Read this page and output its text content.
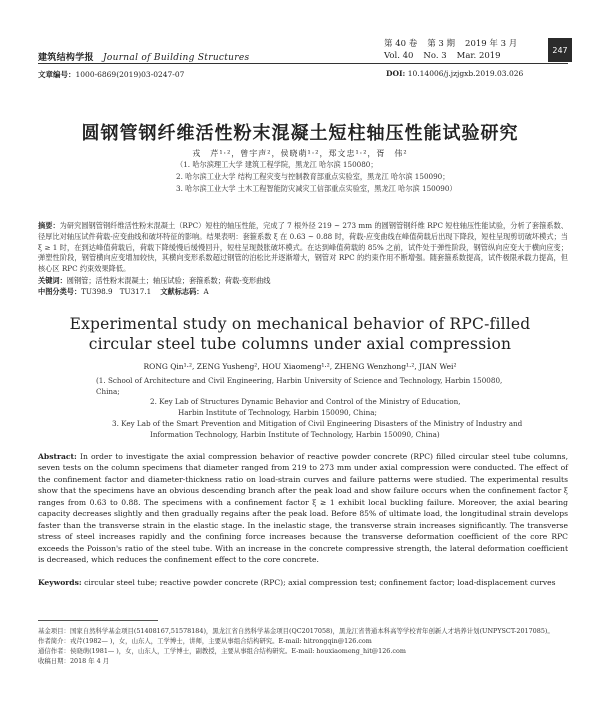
建筑结构学报 Journal of Building Structures
第 40 卷 第 3 期 2019 年 3 月
Vol. 40 No. 3 Mar. 2019
247
文章编号：1000-6869(2019)03-0247-07	DOI: 10.14006/j.jzjgxb.2019.03.026
圆钢管钢纤维活性粉末混凝土短柱轴压性能试验研究
戎　芹¹·²，曾宇声²，侯晓萌¹·²，郑文忠¹·²，胥　伟²
（1. 哈尔滨理工大学 建筑工程学院，黑龙江 哈尔滨 150080；
2. 哈尔滨工业大学 结构工程灾变与控制教育部重点实验室，黑龙江 哈尔滨 150090；
3. 哈尔滨工业大学 土木工程智能防灾减灾工信部重点实验室，黑龙江 哈尔滨 150090）
摘要：为研究圆钢管钢纤维活性粉末混凝土（RPC）短柱的轴压性能，完成了 7 根外径 219 ~ 273 mm 的圆钢管钢纤维 RPC 短柱轴压性能试验，分析了套箍系数、径厚比对轴压试件荷载-应变曲线和破坏特征的影响。结果表明：套箍系数 ξ 在 0.63 ~ 0.88 时，荷载-应变曲线在峰值荷载后出现下降段，短柱呈现剪切破坏模式；当 ξ ≥ 1 时，在到达峰值荷载后，荷载下降缓慢后缓慢回升，短柱呈现鼓胀破坏模式。在达到峰值荷载的 85% 之前，试件处于弹性阶段，钢管纵向应变大于横向应变；弹塑性阶段，钢管横向应变增加较快，其横向变形系数超过钢管的泊松比并逐渐增大，钢管对 RPC 的约束作用不断增强。随套箍系数提高，试件极限承载力提高，但核心区 RPC 约束效果降低。
关键词：圆钢管；活性粉末混凝土；轴压试验；套箍系数；荷载-变形曲线
中图分类号：TU398.9　TU317.1 文献标志码：A
Experimental study on mechanical behavior of RPC-filled
circular steel tube columns under axial compression
RONG Qin¹·², ZENG Yusheng², HOU Xiaomeng¹·², ZHENG Wenzhong¹·², JIAN Wei²
(1. School of Architecture and Civil Engineering, Harbin University of Science and Technology, Harbin 150080, China;
2. Key Lab of Structures Dynamic Behavior and Control of the Ministry of Education,
Harbin Institute of Technology, Harbin 150090, China;
3. Key Lab of the Smart Prevention and Mitigation of Civil Engineering Disasters of the Ministry of Industry and
Information Technology, Harbin Institute of Technology, Harbin 150090, China)
Abstract: In order to investigate the axial compression behavior of reactive powder concrete (RPC) filled circular steel tube columns, seven tests on the column specimens that diameter ranged from 219 to 273 mm under axial compression were conducted. The effect of the confinement factor and diameter-thickness ratio on load-strain curves and failure patterns were studied. The experimental results show that the specimens have an obvious descending branch after the peak load and show failure occurs when the confinement factor ξ ranges from 0.63 to 0.88. The specimens with a confinement factor ξ ≥ 1 exhibit local buckling failure. Moreover, the axial bearing capacity decreases slightly and then gradually regains after the peak load. Before 85% of ultimate load, the longitudinal strain develops faster than the transverse strain in the elastic stage. In the inelastic stage, the transverse strain increases significantly. The transverse stress of steel increases rapidly and the confining force increases because the transverse deformation coefficient of the core RPC exceeds the Poisson's ratio of the steel tube. With an increase in the concrete compressive strength, the lateral deformation coefficient is decreased, which reduces the confinement effect to the core concrete.
Keywords: circular steel tube; reactive powder concrete (RPC); axial compression test; confinement factor; load-displacement curves
基金项目：国家自然科学基金项目(51408167,51578184)，黑龙江省自然科学基金项目(QC2017058)，黑龙江省普通本科高等学校青年创新人才培养计划(UNPYSCT-2017085)。
作者简介：戎芹(1982— )，女，山东人，工学博士，讲师，主要从事组合结构研究。E-mail: hitrongqin@126.com
通信作者：侯晓萌(1981— )，女，山东人，工学博士，副教授，主要从事组合结构研究。E-mail: houxiaomeng_hit@126.com
收稿日期：2018 年 4 月
